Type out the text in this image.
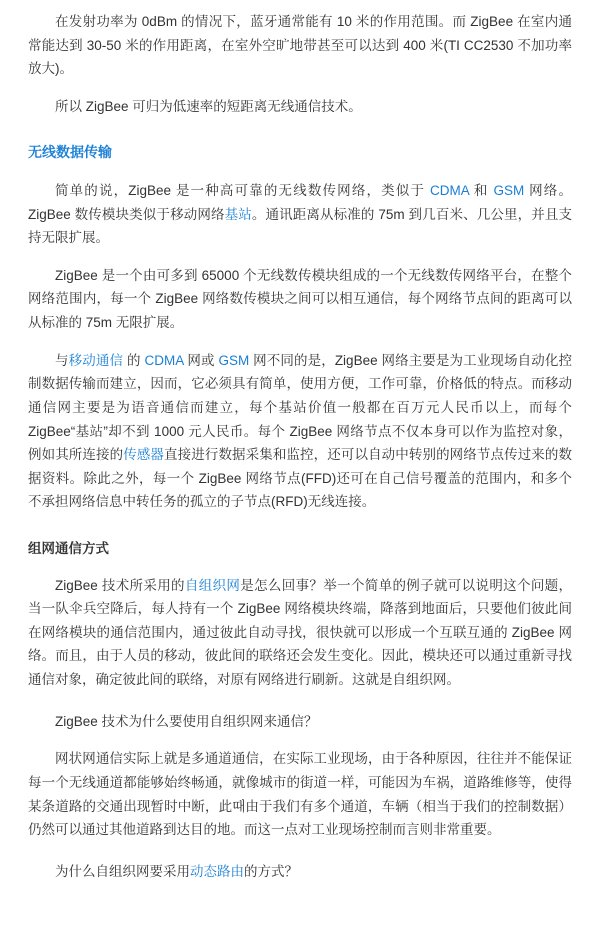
在发射功率为 0dBm 的情况下，蓝牙通常能有 10 米的作用范围。而 ZigBee 在室内通常能达到 30-50 米的作用距离，在室外空旷地带甚至可以达到 400 米(TI CC2530 不加功率放大)。

所以 ZigBee 可归为低速率的短距离无线通信技术。

无线数据传输

简单的说，ZigBee 是一种高可靠的无线数传网络，类似于 CDMA 和 GSM 网络。ZigBee 数传模块类似于移动网络基站。通讯距离从标准的 75m 到几百米、几公里，并且支持无限扩展。

ZigBee 是一个由可多到 65000 个无线数传模块组成的一个无线数传网络平台，在整个网络范围内，每一个 ZigBee 网络数传模块之间可以相互通信，每个网络节点间的距离可以从标准的 75m 无限扩展。

与移动通信 的 CDMA 网或 GSM 网不同的是，ZigBee 网络主要是为工业现场自动化控制数据传输而建立，因而，它必须具有简单，使用方便，工作可靠，价格低的特点。而移动通信网主要是为语音通信而建立，每个基站价值一般都在百万元人民币以上，而每个 ZigBee“基站”却不到 1000 元人民币。每个 ZigBee 网络节点不仅本身可以作为监控对象，例如其所连接的传感器直接进行数据采集和监控，还可以自动中转别的网络节点传过来的数据资料。除此之外，每一个 ZigBee 网络节点(FFD)还可在自己信号覆盖的范围内，和多个不承担网络信息中转任务的孤立的子节点(RFD)无线连接。

组网通信方式

ZigBee 技术所采用的自组织网是怎么回事？举一个简单的例子就可以说明这个问题，当一队伞兵空降后，每人持有一个 ZigBee 网络模块终端，降落到地面后，只要他们彼此间在网络模块的通信范围内，通过彼此自动寻找，很快就可以形成一个互联互通的 ZigBee 网络。而且，由于人员的移动，彼此间的联络还会发生变化。因此，模块还可以通过重新寻找通信对象，确定彼此间的联络，对原有网络进行刷新。这就是自组织网。

ZigBee 技术为什么要使用自组织网来通信？

网状网通信实际上就是多通道通信，在实际工业现场，由于各种原因，往往并不能保证每一个无线通道都能够始终畅通，就像城市的街道一样，可能因为车祸，道路维修等，使得某条道路的交通出现暂时中断，此때由于我们有多个通道，车辆（相当于我们的控制数据）仍然可以通过其他道路到达目的地。而这一点对工业现场控制而言则非常重要。

为什么自组织网要采用动态路由的方式？
